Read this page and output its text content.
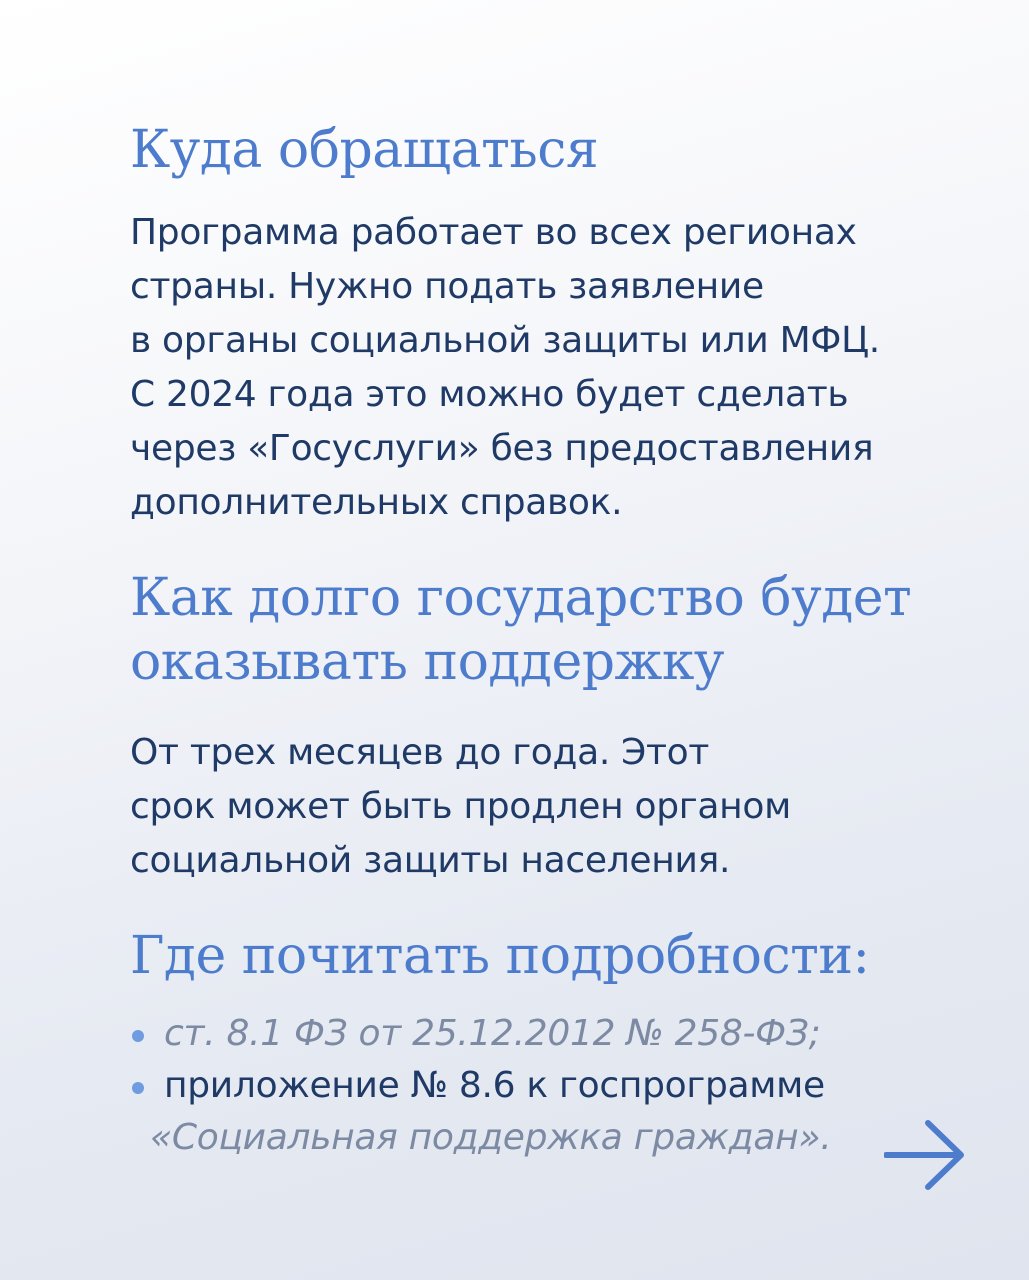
Куда обращаться

Программа работает во всех регионах
страны. Нужно подать заявление
в органы социальной защиты или МФЦ.
С 2024 года это можно будет сделать
через «Госуслуги» без предоставления
дополнительных справок.

Как долго государство будет
оказывать поддержку

От трех месяцев до года. Этот
срок может быть продлен органом
социальной защиты населения.

Где почитать подробности:
ст. 8.1 ФЗ от 25.12.2012 № 258-ФЗ;
приложение № 8.6 к госпрограмме
«Социальная поддержка граждан».
